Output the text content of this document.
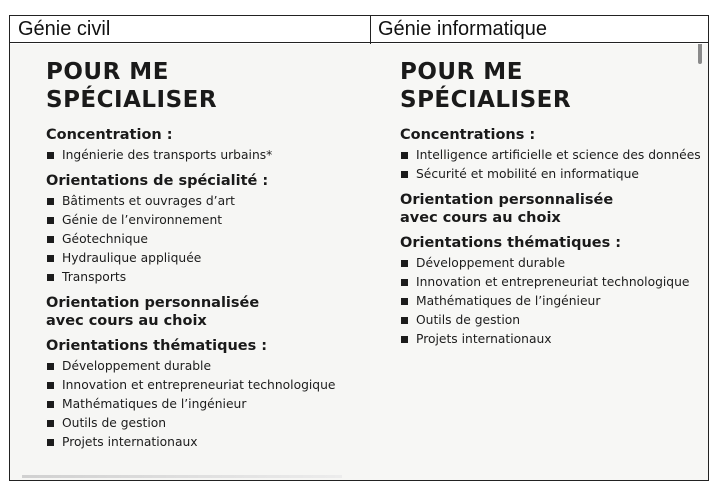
Génie civil
POUR ME
SPÉCIALISER
Concentration :
Ingénierie des transports urbains*
Orientations de spécialité :
Bâtiments et ouvrages d’art
Génie de l’environnement
Géotechnique
Hydraulique appliquée
Transports
Orientation personnalisée
avec cours au choix
Orientations thématiques :
Développement durable
Innovation et entrepreneuriat technologique
Mathématiques de l’ingénieur
Outils de gestion
Projets internationaux
Génie informatique
POUR ME
SPÉCIALISER
Concentrations :
Intelligence artificielle et science des données
Sécurité et mobilité en informatique
Orientation personnalisée
avec cours au choix
Orientations thématiques :
Développement durable
Innovation et entrepreneuriat technologique
Mathématiques de l’ingénieur
Outils de gestion
Projets internationaux
